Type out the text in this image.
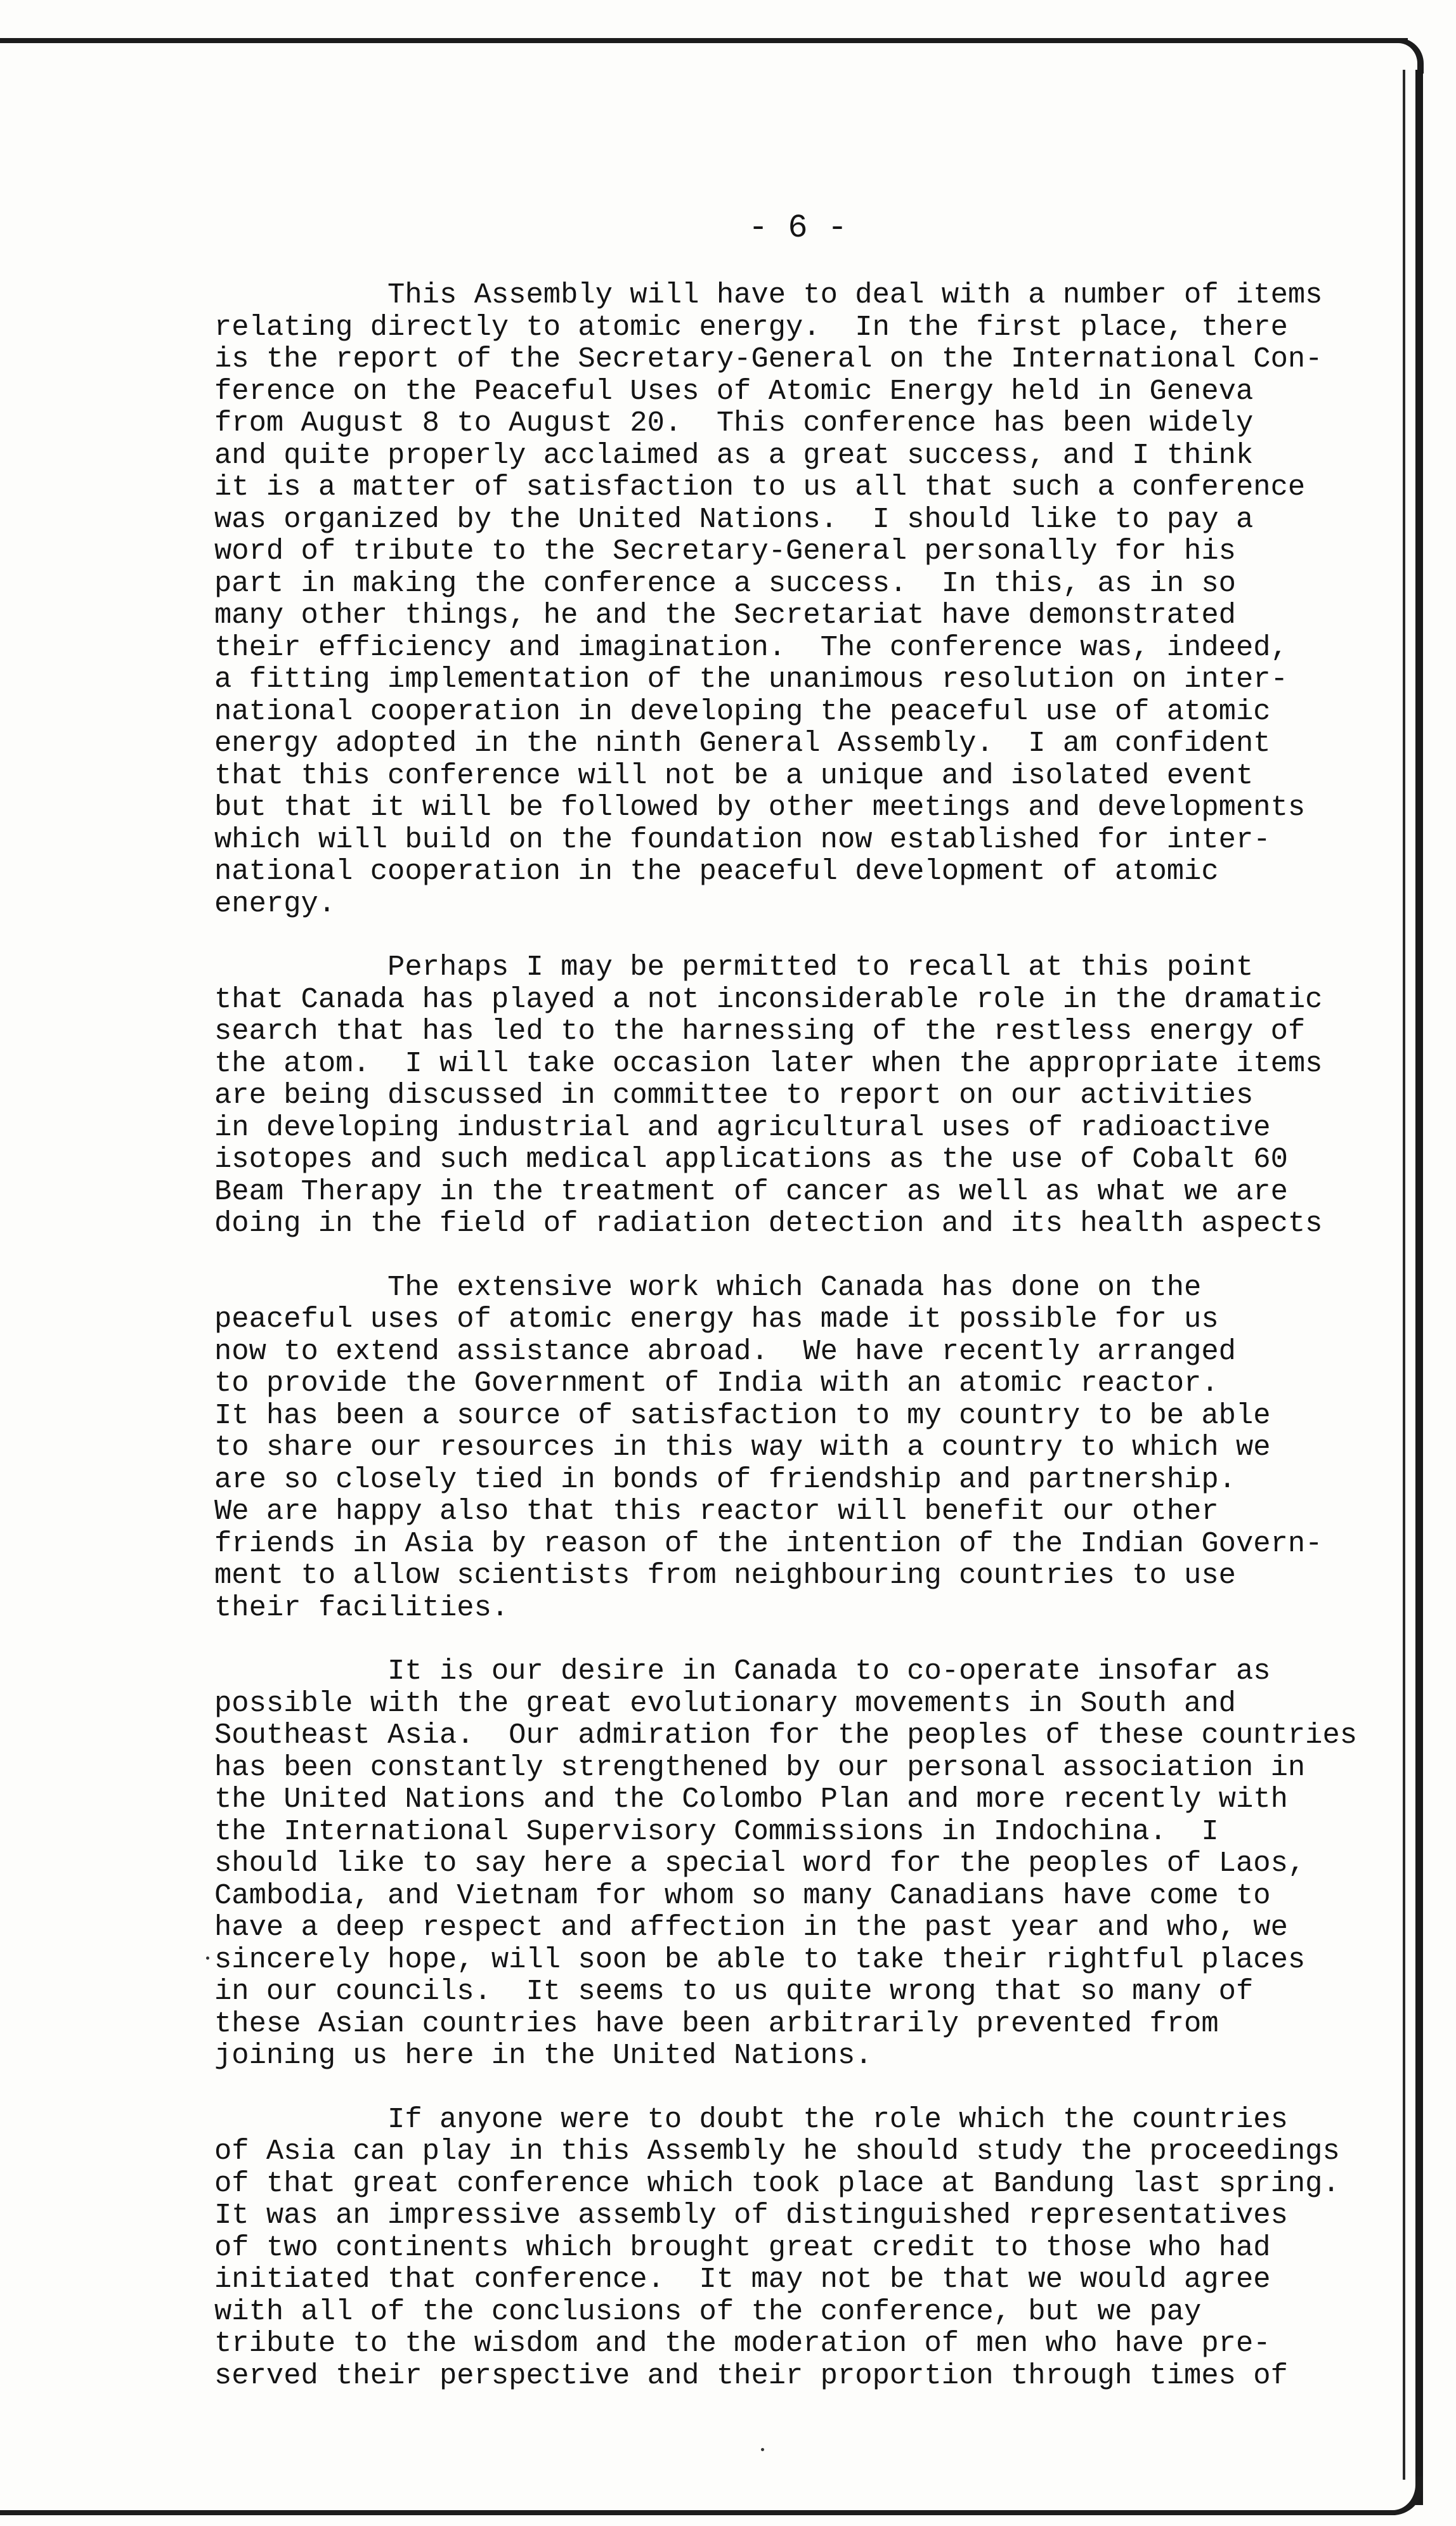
- 6 -
This Assembly will have to deal with a number of items
relating directly to atomic energy.  In the first place, there
is the report of the Secretary-General on the International Con-
ference on the Peaceful Uses of Atomic Energy held in Geneva
from August 8 to August 20.  This conference has been widely
and quite properly acclaimed as a great success, and I think
it is a matter of satisfaction to us all that such a conference
was organized by the United Nations.  I should like to pay a
word of tribute to the Secretary-General personally for his
part in making the conference a success.  In this, as in so
many other things, he and the Secretariat have demonstrated
their efficiency and imagination.  The conference was, indeed,
a fitting implementation of the unanimous resolution on inter-
national cooperation in developing the peaceful use of atomic
energy adopted in the ninth General Assembly.  I am confident
that this conference will not be a unique and isolated event
but that it will be followed by other meetings and developments
which will build on the foundation now established for inter-
national cooperation in the peaceful development of atomic
energy.
Perhaps I may be permitted to recall at this point
that Canada has played a not inconsiderable role in the dramatic
search that has led to the harnessing of the restless energy of
the atom.  I will take occasion later when the appropriate items
are being discussed in committee to report on our activities
in developing industrial and agricultural uses of radioactive
isotopes and such medical applications as the use of Cobalt 60
Beam Therapy in the treatment of cancer as well as what we are
doing in the field of radiation detection and its health aspects
The extensive work which Canada has done on the
peaceful uses of atomic energy has made it possible for us
now to extend assistance abroad.  We have recently arranged
to provide the Government of India with an atomic reactor.
It has been a source of satisfaction to my country to be able
to share our resources in this way with a country to which we
are so closely tied in bonds of friendship and partnership.
We are happy also that this reactor will benefit our other
friends in Asia by reason of the intention of the Indian Govern-
ment to allow scientists from neighbouring countries to use
their facilities.
It is our desire in Canada to co-operate insofar as
possible with the great evolutionary movements in South and
Southeast Asia.  Our admiration for the peoples of these countries
has been constantly strengthened by our personal association in
the United Nations and the Colombo Plan and more recently with
the International Supervisory Commissions in Indochina.  I
should like to say here a special word for the peoples of Laos,
Cambodia, and Vietnam for whom so many Canadians have come to
have a deep respect and affection in the past year and who, we
sincerely hope, will soon be able to take their rightful places
in our councils.  It seems to us quite wrong that so many of
these Asian countries have been arbitrarily prevented from
joining us here in the United Nations.
If anyone were to doubt the role which the countries
of Asia can play in this Assembly he should study the proceedings
of that great conference which took place at Bandung last spring.
It was an impressive assembly of distinguished representatives
of two continents which brought great credit to those who had
initiated that conference.  It may not be that we would agree
with all of the conclusions of the conference, but we pay
tribute to the wisdom and the moderation of men who have pre-
served their perspective and their proportion through times of
